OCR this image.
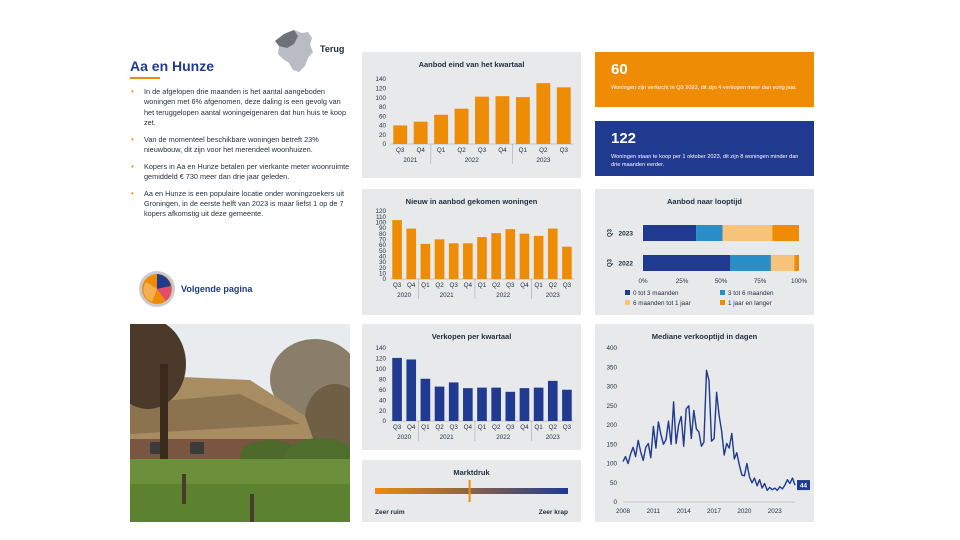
Terug
Aa en Hunze
• In de afgelopen drie maanden is het aantal aangeboden woningen met 6% afgenomen, deze daling is een gevolg van het teruggelopen aantal woningeigenaren dat hun huis te koop zet.
• Van de momenteel beschikbare woningen betreft 23% nieuwbouw, dit zijn voor het merendeel woonhuizen.
• Kopers in Aa en Hunze betalen per vierkante meter woonruimte gemiddeld € 730 meer dan drie jaar geleden.
• Aa en Hunze is een populaire locatie onder woningzoekers uit Groningen, in de eerste helft van 2023 is maar liefst 1 op de 7 kopers afkomstig uit deze gemeente.
Volgende pagina
Aanbod eind van het kwartaal
0
20
40
60
80
100
120
140
Q3 Q4 Q1 Q2 Q3 Q4 Q1 Q2 Q3
2021	2022	2023
Nieuw in aanbod gekomen woningen
0
10
20
30
40
50
60
70
80
90
100
110
120
Q3 Q4 Q1 Q2 Q3 Q4 Q1 Q2 Q3 Q4 Q1 Q2 Q3
2020	2021	2022	2023
Verkopen per kwartaal
0
20
40
60
80
100
120
140
Q3 Q4 Q1 Q2 Q3 Q4 Q1 Q2 Q3 Q4 Q1 Q2 Q3
2020	2021	2022	2023
Marktdruk
Zeer ruim	Zeer krap
60
Woningen zijn verkocht in Q3 2023, dit zijn 4 verkopen meer dan vorig jaar.
122
Woningen staan te koop per 1 oktober 2023, dit zijn 8 woningen minder dan drie maanden eerder.
Aanbod naar looptijd
2023
Q3
2022
Q3
0%	25%	50%	75%	100%
0 tot 3 maanden	3 tot 6 maanden
6 maanden tot 1 jaar	1 jaar en langer
Mediane verkooptijd in dagen
0
50
100
150
200
250
300
350
400
2008	2011	2014	2017	2020	2023
44
